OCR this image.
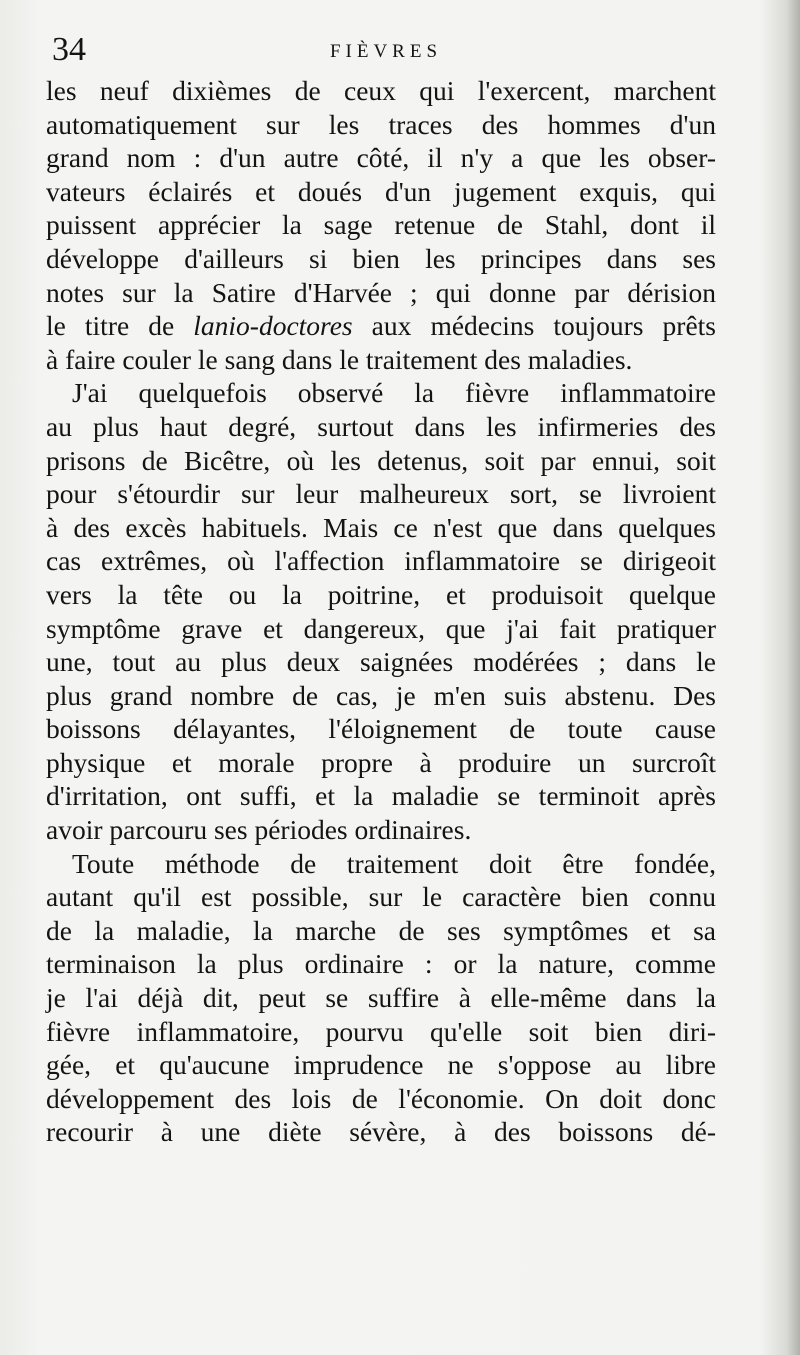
34	FIÈVRES
les neuf dixièmes de ceux qui l'exercent, marchent
automatiquement sur les traces des hommes d'un
grand nom : d'un autre côté, il n'y a que les obser-
vateurs éclairés et doués d'un jugement exquis, qui
puissent apprécier la sage retenue de Stahl, dont il
développe d'ailleurs si bien les principes dans ses
notes sur la Satire d'Harvée ; qui donne par dérision
le titre de lanio-doctores aux médecins toujours prêts
à faire couler le sang dans le traitement des maladies.
J'ai quelquefois observé la fièvre inflammatoire
au plus haut degré, surtout dans les infirmeries des
prisons de Bicêtre, où les detenus, soit par ennui, soit
pour s'étourdir sur leur malheureux sort, se livroient
à des excès habituels. Mais ce n'est que dans quelques
cas extrêmes, où l'affection inflammatoire se dirigeoit
vers la tête ou la poitrine, et produisoit quelque
symptôme grave et dangereux, que j'ai fait pratiquer
une, tout au plus deux saignées modérées ; dans le
plus grand nombre de cas, je m'en suis abstenu. Des
boissons délayantes, l'éloignement de toute cause
physique et morale propre à produire un surcroît
d'irritation, ont suffi, et la maladie se terminoit après
avoir parcouru ses périodes ordinaires.
Toute méthode de traitement doit être fondée,
autant qu'il est possible, sur le caractère bien connu
de la maladie, la marche de ses symptômes et sa
terminaison la plus ordinaire : or la nature, comme
je l'ai déjà dit, peut se suffire à elle-même dans la
fièvre inflammatoire, pourvu qu'elle soit bien diri-
gée, et qu'aucune imprudence ne s'oppose au libre
développement des lois de l'économie. On doit donc
recourir à une diète sévère, à des boissons dé-
